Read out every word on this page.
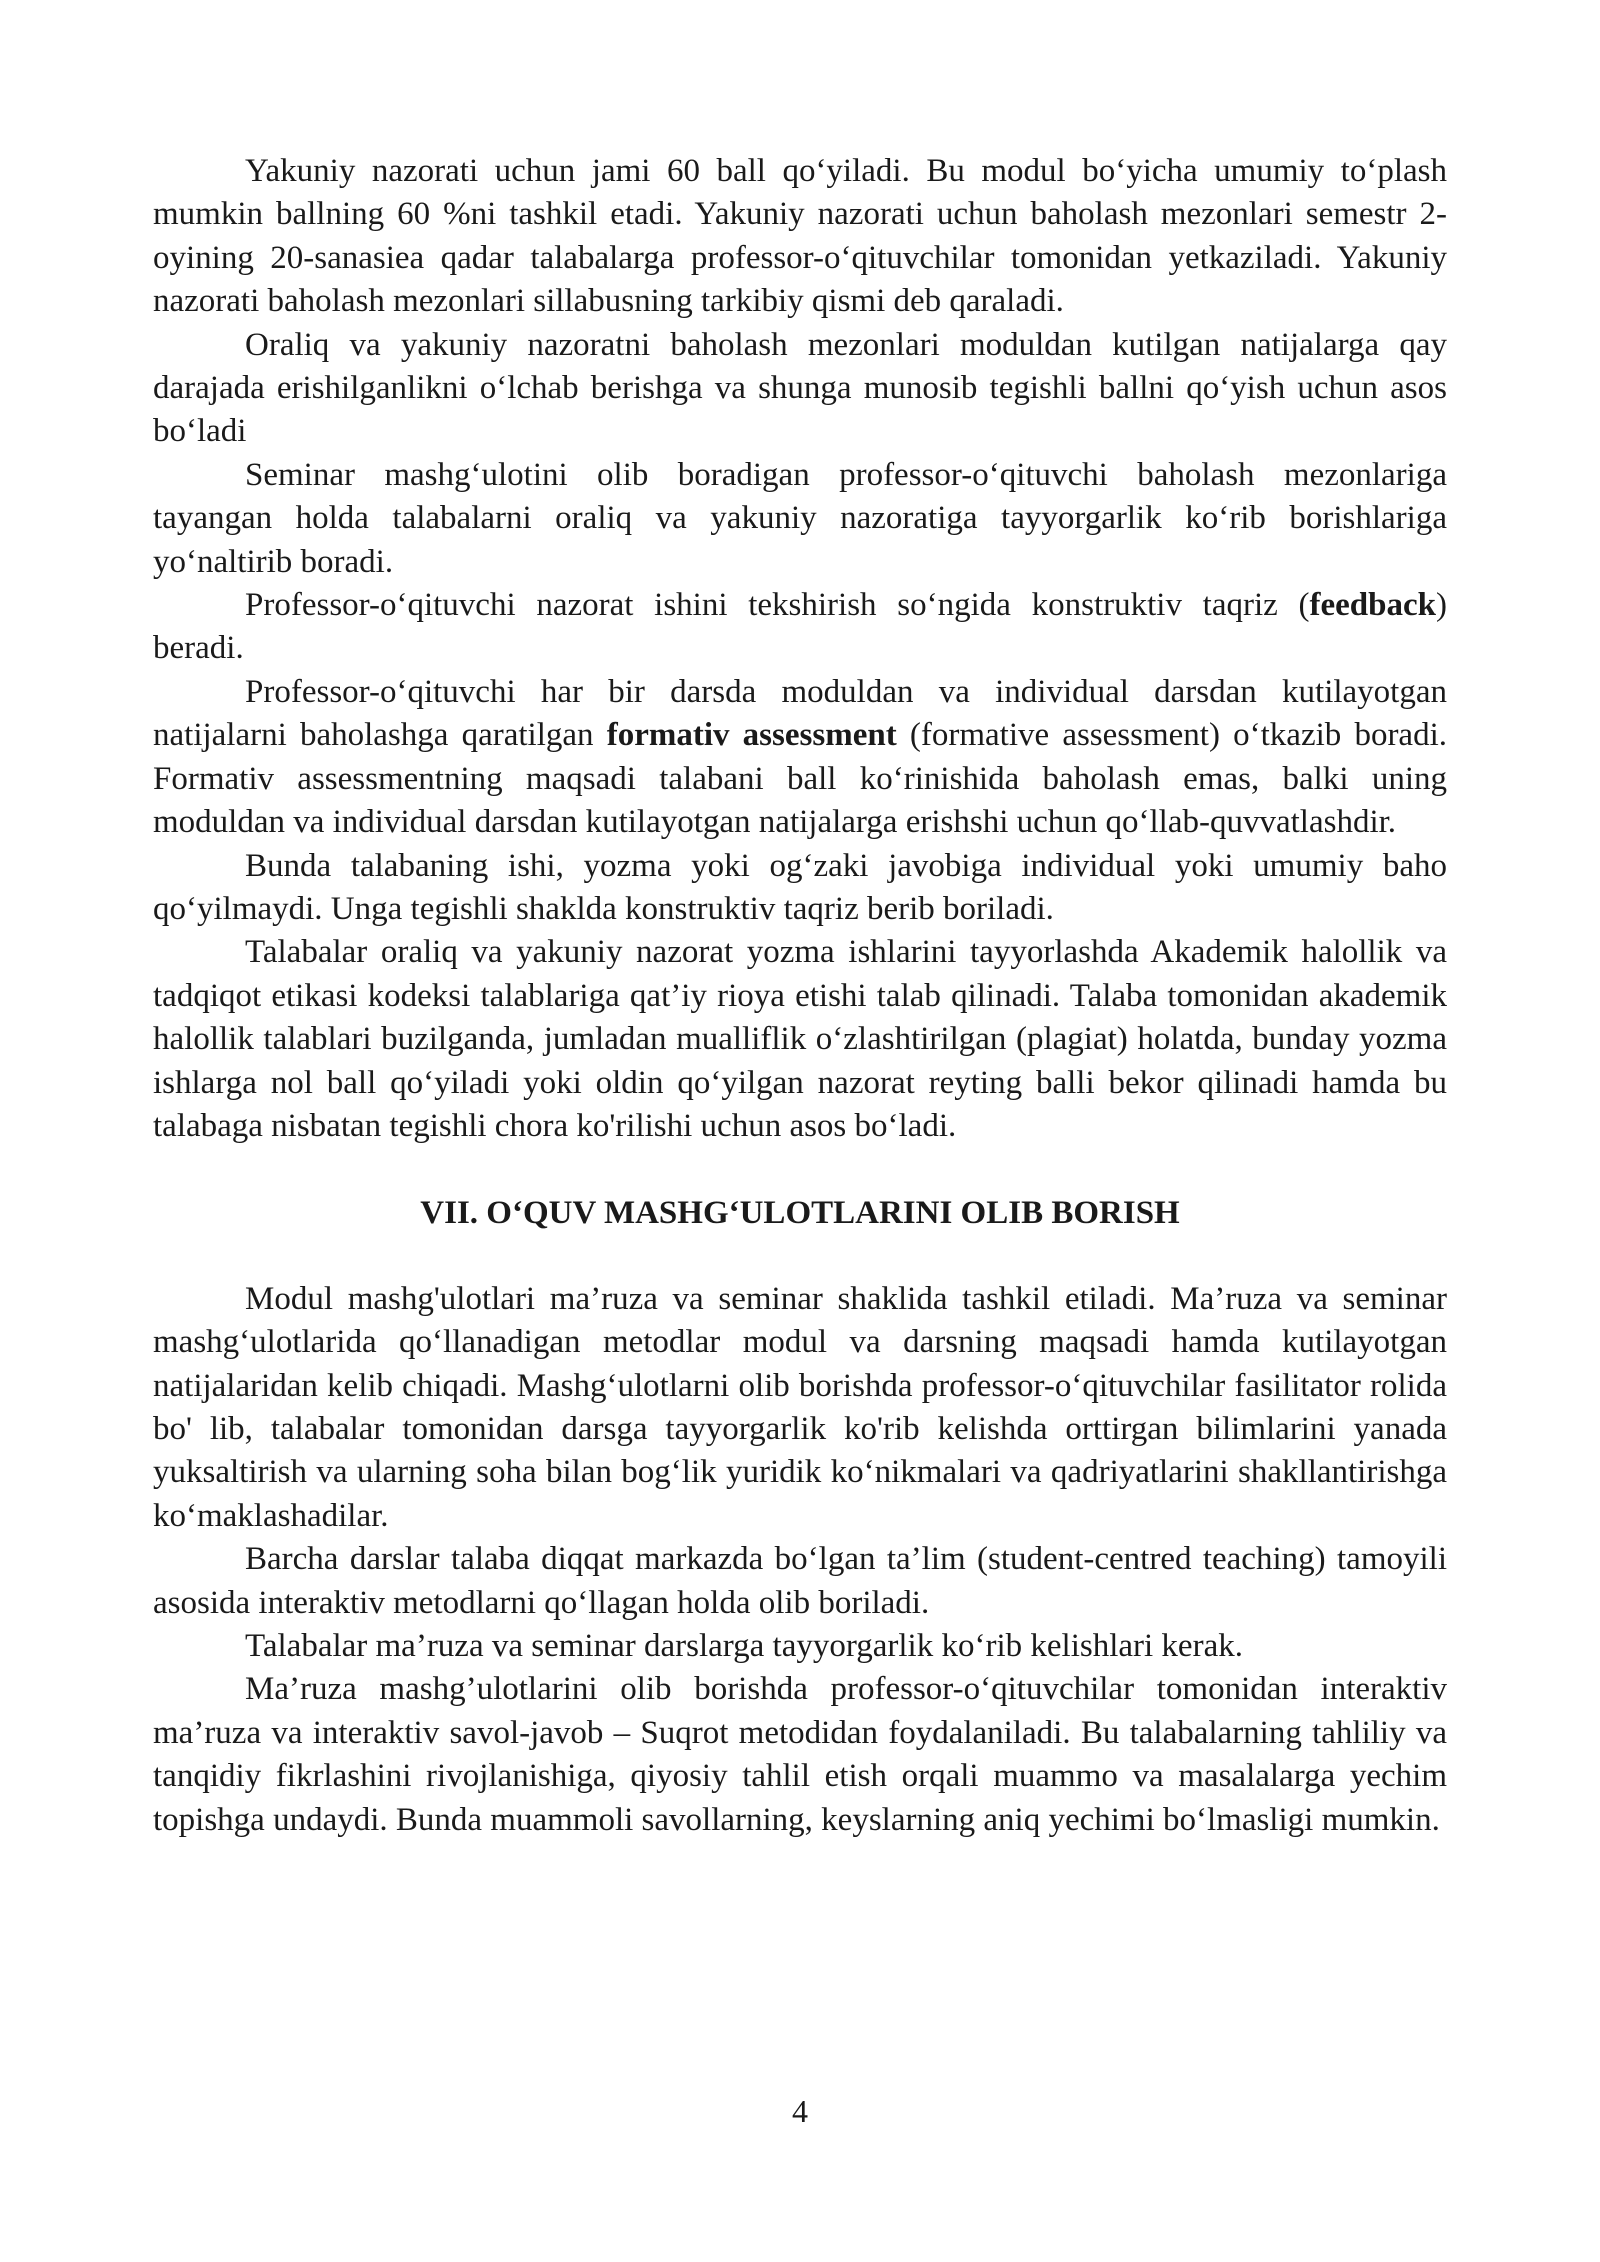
Yakuniy nazorati uchun jami 60 ball qo‘yiladi. Bu modul bo‘yicha umumiy to‘plash mumkin ballning 60 %ni tashkil etadi. Yakuniy nazorati uchun baholash mezonlari semestr 2-oyining 20-sanasiea qadar talabalarga professor-o‘qituvchilar tomonidan yetkaziladi. Yakuniy nazorati baholash mezonlari sillabusning tarkibiy qismi deb qaraladi.

Oraliq va yakuniy nazoratni baholash mezonlari moduldan kutilgan natijalarga qay darajada erishilganlikni o‘lchab berishga va shunga munosib tegishli ballni qo‘yish uchun asos bo‘ladi

Seminar mashg‘ulotini olib boradigan professor-o‘qituvchi baholash mezonlariga tayangan holda talabalarni oraliq va yakuniy nazoratiga tayyorgarlik ko‘rib borishlariga yo‘naltirib boradi.

Professor-o‘qituvchi nazorat ishini tekshirish so‘ngida konstruktiv taqriz (feedback) beradi.

Professor-o‘qituvchi har bir darsda moduldan va individual darsdan kutilayotgan natijalarni baholashga qaratilgan formativ assessment (formative assessment) o‘tkazib boradi. Formativ assessmentning maqsadi talabani ball ko‘rinishida baholash emas, balki uning moduldan va individual darsdan kutilayotgan natijalarga erishshi uchun qo‘llab-quvvatlashdir.

Bunda talabaning ishi, yozma yoki og‘zaki javobiga individual yoki umumiy baho qo‘yilmaydi. Unga tegishli shaklda konstruktiv taqriz berib boriladi.

Talabalar oraliq va yakuniy nazorat yozma ishlarini tayyorlashda Akademik halollik va tadqiqot etikasi kodeksi talablariga qat’iy rioya etishi talab qilinadi. Talaba tomonidan akademik halollik talablari buzilganda, jumladan mualliflik o‘zlashtirilgan (plagiat) holatda, bunday yozma ishlarga nol ball qo‘yiladi yoki oldin qo‘yilgan nazorat reyting balli bekor qilinadi hamda bu talabaga nisbatan tegishli chora ko'rilishi uchun asos bo‘ladi.

VII. O‘QUV MASHG‘ULOTLARINI OLIB BORISH

Modul mashg'ulotlari ma’ruza va seminar shaklida tashkil etiladi. Ma’ruza va seminar mashg‘ulotlarida qo‘llanadigan metodlar modul va darsning maqsadi hamda kutilayotgan natijalaridan kelib chiqadi. Mashg‘ulotlarni olib borishda professor-o‘qituvchilar fasilitator rolida bo' lib, talabalar tomonidan darsga tayyorgarlik ko'rib kelishda orttirgan bilimlarini yanada yuksaltirish va ularning soha bilan bog‘lik yuridik ko‘nikmalari va qadriyatlarini shakllantirishga ko‘maklashadilar.

Barcha darslar talaba diqqat markazda bo‘lgan ta’lim (student-centred teaching) tamoyili asosida interaktiv metodlarni qo‘llagan holda olib boriladi.

Talabalar ma’ruza va seminar darslarga tayyorgarlik ko‘rib kelishlari kerak.

Ma’ruza mashg’ulotlarini olib borishda professor-o‘qituvchilar tomonidan interaktiv ma’ruza va interaktiv savol-javob – Suqrot metodidan foydalaniladi. Bu talabalarning tahliliy va tanqidiy fikrlashini rivojlanishiga, qiyosiy tahlil etish orqali muammo va masalalarga yechim topishga undaydi. Bunda muammoli savollarning, keyslarning aniq yechimi bo‘lmasligi mumkin.

4
